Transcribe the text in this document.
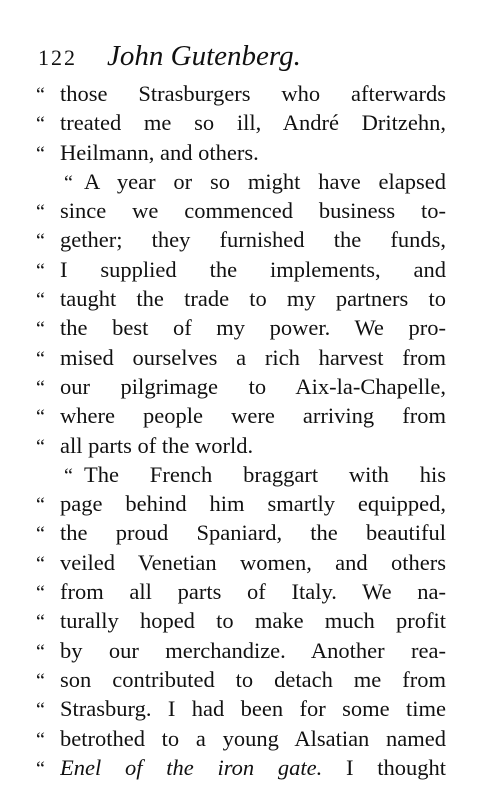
122 John Gutenberg.
“ those Strasburgers who afterwards
“ treated me so ill, André Dritzehn,
“ Heilmann, and others.
“ A year or so might have elapsed
“ since we commenced business to-
“ gether; they furnished the funds,
“ I supplied the implements, and
“ taught the trade to my partners to
“ the best of my power. We pro-
“ mised ourselves a rich harvest from
“ our pilgrimage to Aix-la-Chapelle,
“ where people were arriving from
“ all parts of the world.
“ The French braggart with his
“ page behind him smartly equipped,
“ the proud Spaniard, the beautiful
“ veiled Venetian women, and others
“ from all parts of Italy. We na-
“ turally hoped to make much profit
“ by our merchandize. Another rea-
“ son contributed to detach me from
“ Strasburg. I had been for some time
“ betrothed to a young Alsatian named
“ Enel of the iron gate. I thought
